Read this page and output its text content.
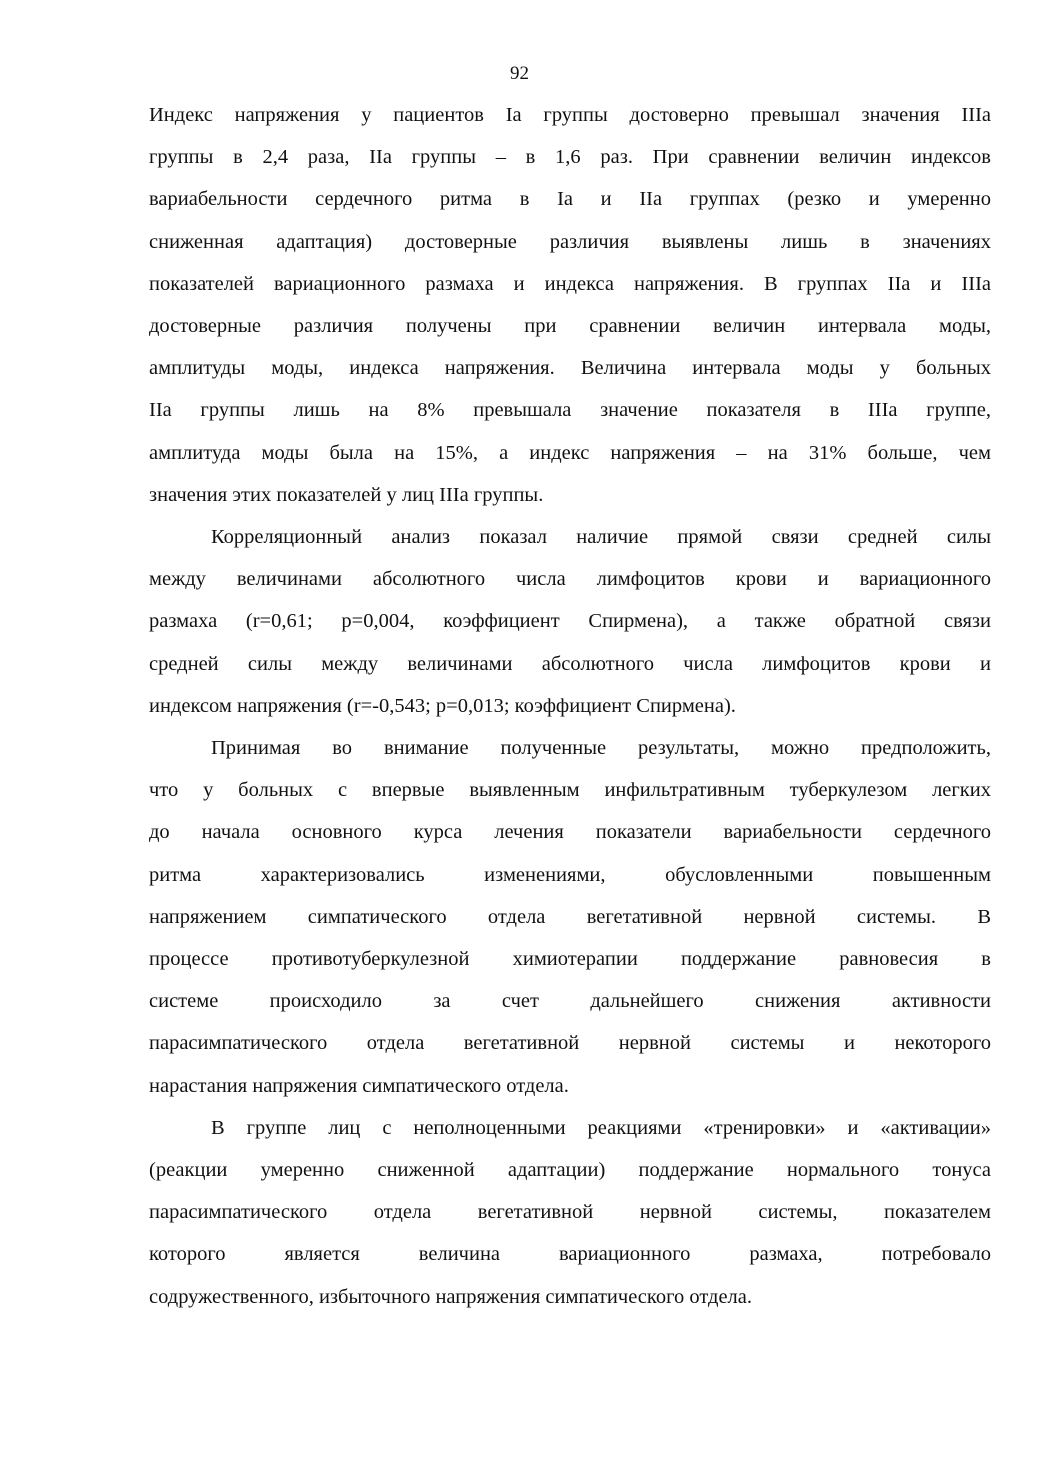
92

Индекс напряжения у пациентов Ia группы достоверно превышал значения IIIa
группы в 2,4 раза, IIa группы – в 1,6 раз. При сравнении величин индексов
вариабельности сердечного ритма в Ia и IIa группах (резко и умеренно
сниженная адаптация) достоверные различия выявлены лишь в значениях
показателей вариационного размаха и индекса напряжения. В группах IIa и IIIa
достоверные различия получены при сравнении величин интервала моды,
амплитуды моды, индекса напряжения. Величина интервала моды у больных
IIa группы лишь на 8% превышала значение показателя в IIIa группе,
амплитуда моды была на 15%, а индекс напряжения – на 31% больше, чем
значения этих показателей у лиц IIIa группы.

Корреляционный анализ показал наличие прямой связи средней силы
между величинами абсолютного числа лимфоцитов крови и вариационного
размаха (r=0,61; p=0,004, коэффициент Спирмена), а также обратной связи
средней силы между величинами абсолютного числа лимфоцитов крови и
индексом напряжения (r=-0,543; p=0,013; коэффициент Спирмена).

Принимая во внимание полученные результаты, можно предположить,
что у больных с впервые выявленным инфильтративным туберкулезом легких
до начала основного курса лечения показатели вариабельности сердечного
ритма характеризовались изменениями, обусловленными повышенным
напряжением симпатического отдела вегетативной нервной системы. В
процессе противотуберкулезной химиотерапии поддержание равновесия в
системе происходило за счет дальнейшего снижения активности
парасимпатического отдела вегетативной нервной системы и некоторого
нарастания напряжения симпатического отдела.

В группе лиц с неполноценными реакциями «тренировки» и «активации»
(реакции умеренно сниженной адаптации) поддержание нормального тонуса
парасимпатического отдела вегетативной нервной системы, показателем
которого является величина вариационного размаха, потребовало
содружественного, избыточного напряжения симпатического отдела.
